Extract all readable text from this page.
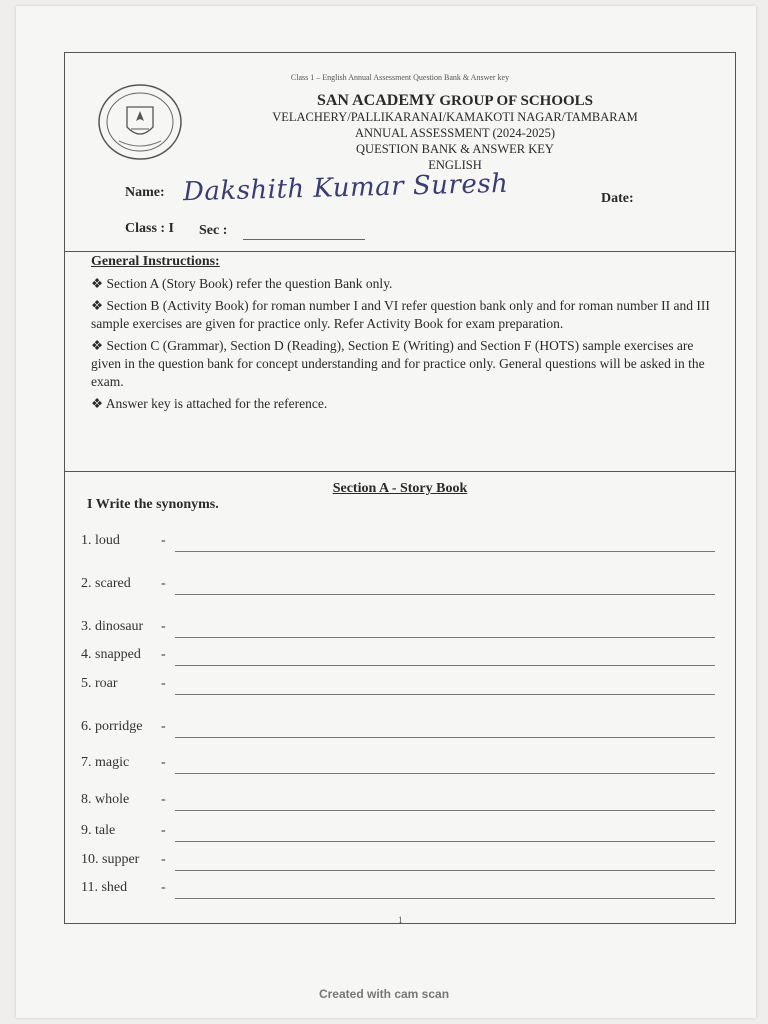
Class 1 – English Annual Assessment Question Bank & Answer key
SAN ACADEMY GROUP OF SCHOOLS
VELACHERY/PALLIKARANAI/KAMAKOTI NAGAR/TAMBARAM
ANNUAL ASSESSMENT (2024-2025)
QUESTION BANK & ANSWER KEY
ENGLISH
Name: Dakshith Kumar Suresh	Date:
Class : I Sec :
General Instructions:

❖ Section A (Story Book) refer the question Bank only.

❖ Section B (Activity Book) for roman number I and VI refer question bank only and for roman number II and III sample exercises are given for practice only. Refer Activity Book for exam preparation.

❖ Section C (Grammar), Section D (Reading), Section E (Writing) and Section F (HOTS) sample exercises are given in the question bank for concept understanding and for practice only. General questions will be asked in the exam.

❖ Answer key is attached for the reference.

Section A - Story Book
I Write the synonyms.
1. loud	-
2. scared -
3. dinosaur -
4. snapped -
5. roar	-
6. porridge -
7. magic -
8. whole -
9. tale	-
10. supper -
11. shed -
1
Created with cam scan
